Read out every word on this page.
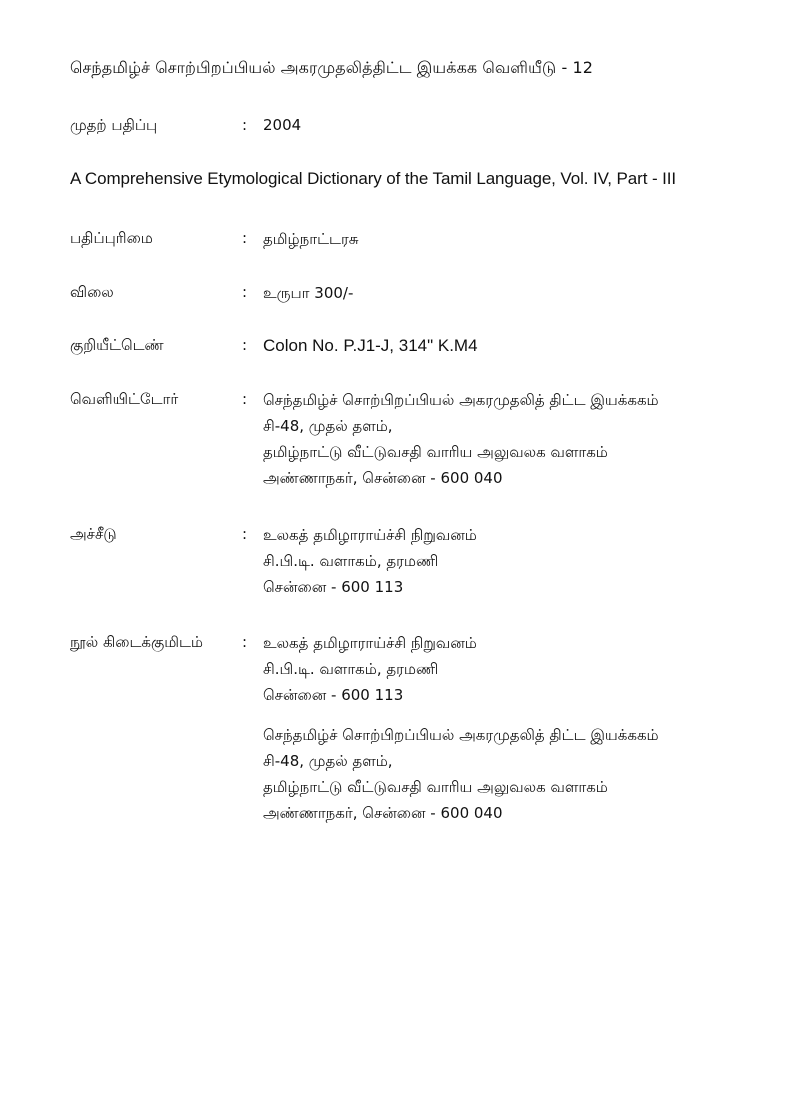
செந்தமிழ்ச் சொற்பிறப்பியல் அகரமுதலித்திட்ட இயக்கக வெளியீடு - 12
முதற் பதிப்பு	: 2004
A Comprehensive Etymological Dictionary of the Tamil Language, Vol. IV, Part - III
பதிப்புரிமை	: தமிழ்நாட்டரசு
விலை	: உருபா 300/-
குறியீட்டெண்	: Colon No. P.J1-J, 314" K.M4
வெளியிட்டோர்	: செந்தமிழ்ச் சொற்பிறப்பியல் அகரமுதலித் திட்ட இயக்ககம்
சி-48, முதல் தளம்,
தமிழ்நாட்டு வீட்டுவசதி வாரிய அலுவலக வளாகம்
அண்ணாநகர், சென்னை - 600 040
அச்சீடு	: உலகத் தமிழாராய்ச்சி நிறுவனம்
சி.பி.டி. வளாகம், தரமணி
சென்னை - 600 113
நூல் கிடைக்குமிடம்	: உலகத் தமிழாராய்ச்சி நிறுவனம்
சி.பி.டி. வளாகம், தரமணி
சென்னை - 600 113
செந்தமிழ்ச் சொற்பிறப்பியல் அகரமுதலித் திட்ட இயக்ககம்
சி-48, முதல் தளம்,
தமிழ்நாட்டு வீட்டுவசதி வாரிய அலுவலக வளாகம்
அண்ணாநகர், சென்னை - 600 040
